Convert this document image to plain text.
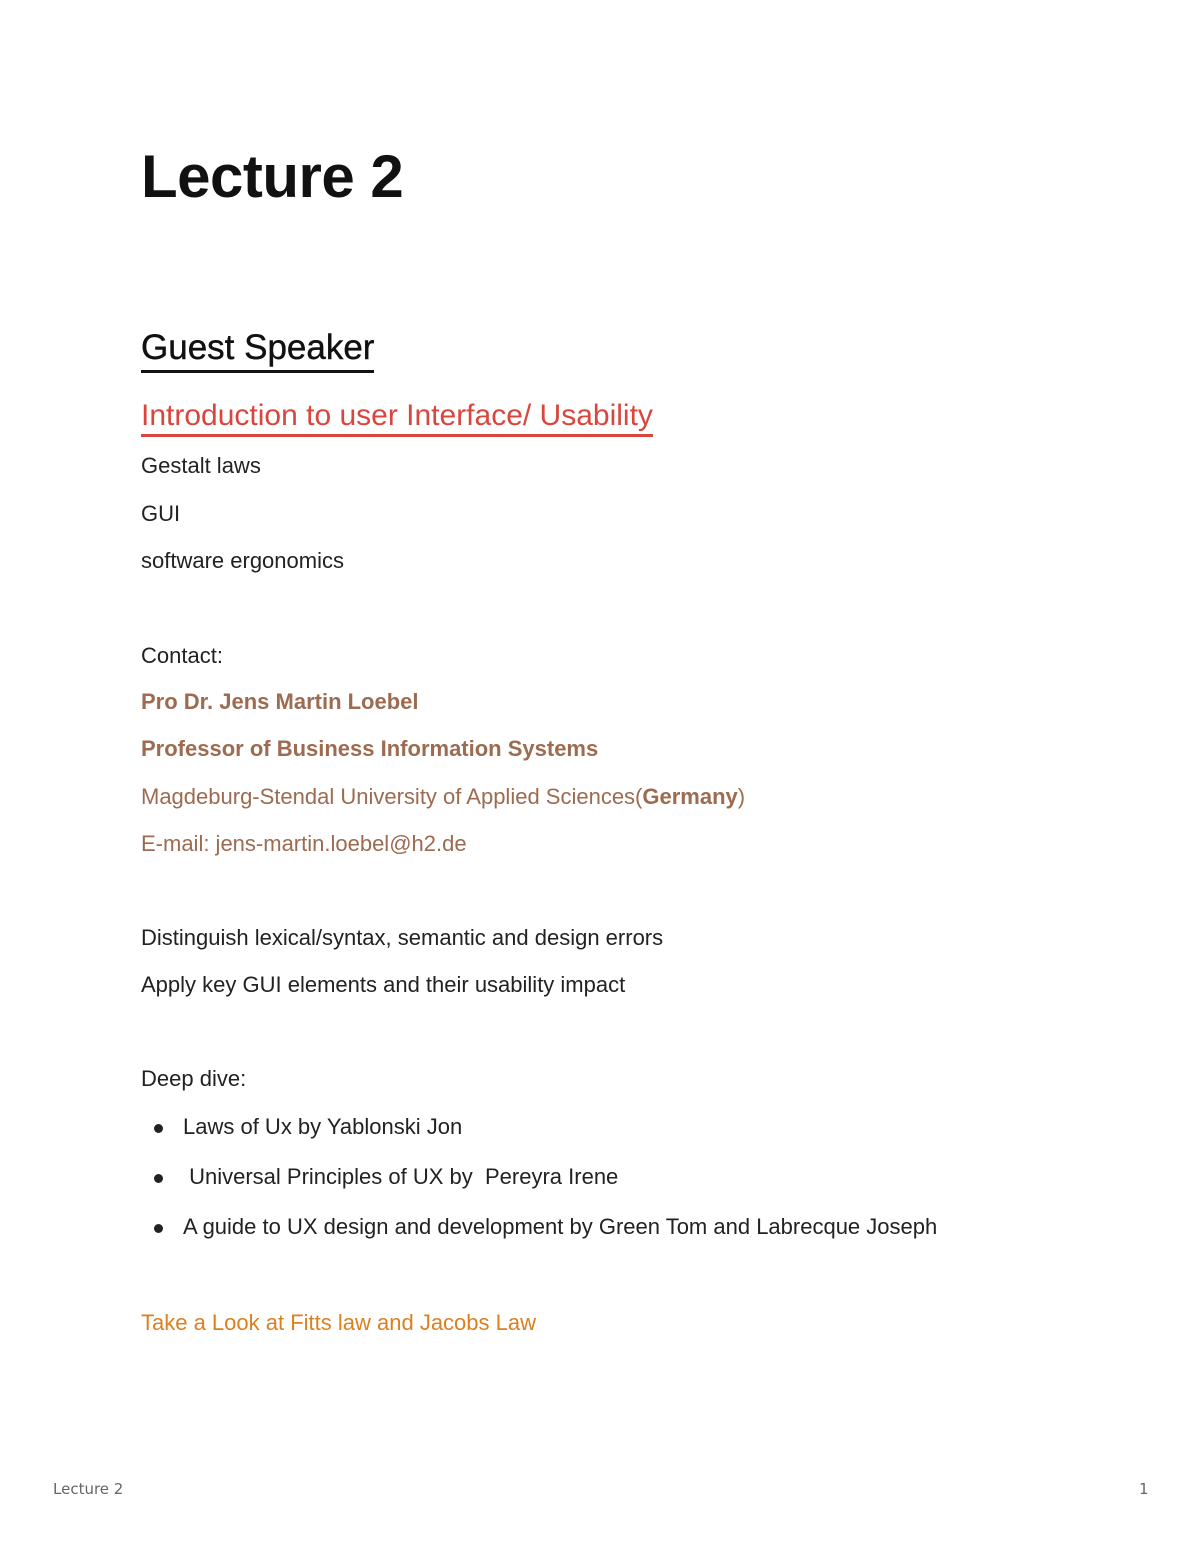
Lecture 2
Guest Speaker
Introduction to user Interface/ Usability
Gestalt laws
GUI
software ergonomics
Contact:
Pro Dr. Jens Martin Loebel
Professor of Business Information Systems
Magdeburg-Stendal University of Applied Sciences(Germany)
E-mail: jens-martin.loebel@h2.de
Distinguish lexical/syntax, semantic and design errors
Apply key GUI elements and their usability impact
Deep dive:
Laws of Ux by Yablonski Jon
Universal Principles of UX by  Pereyra Irene
A guide to UX design and development by Green Tom and Labrecque Joseph
Take a Look at Fitts law and Jacobs Law
Lecture 2	1
